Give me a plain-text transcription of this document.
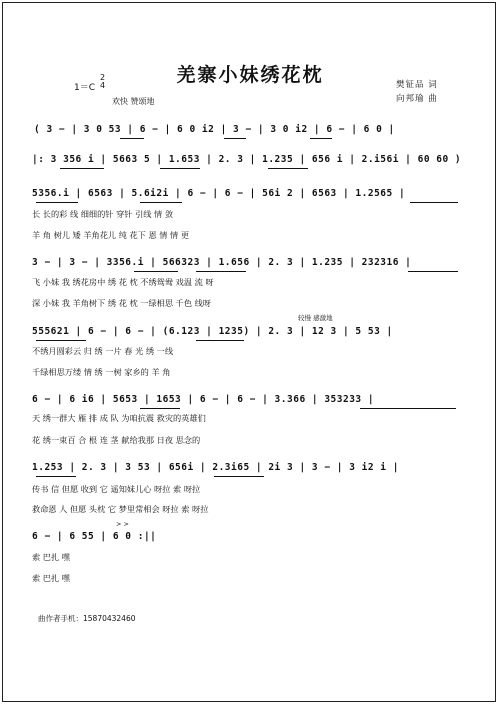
羌寨小妹绣花枕
1＝C
2
4
欢快 赞颂地
樊钲品 词
向邦瑜 曲
( 3 − | 3 0 53 | 6 − | 6 0 i2 | 3 − | 3 0 i2 | 6 − | 6 0 |
|: 3 356 i | 5663 5 | 1.653 | 2. 3 | 1.235 | 656 i | 2.i56i | 60 60 )
5356.i | 6563 | 5.6i2i | 6 − | 6 − | 56i 2 | 6563 | 1.2565 |
长 长的彩 线 细细的针 穿针 引线 情 敛
羊 角 树儿 矮 羊角花儿 纯 花下 恩 情 情 更
3 − | 3 − | 3356.i | 566323 | 1.656 | 2. 3 | 1.235 | 232316 |
飞 小妹 我 绣花房中 绣 花 枕 不绣鸳鸯 戏温 流 呀
深 小妹 我 羊角树下 绣 花 枕 一绿相思 千色 线呀
较慢 感激地
555621 | 6 − | 6 − | (6.123 | 1235) | 2. 3 | 12 3 | 5 53 |
不绣月圆彩云 归 绣 一片 春 光 绣 一线
千绿相思万缕 情 绣 一树 家乡的 羊 角
6 − | 6 i6 | 5653 | 1653 | 6 − | 6 − | 3.366 | 353233 |
天 绣一群大 雁 排 成 队 为咱抗震 救灾的英雄们
花 绣一束百 合 根 连 茎 献给我那 日夜 思念的
1.253 | 2. 3 | 3 53 | 656i | 2.3i65 | 2i 3 | 3 − | 3 i2 i |
传书 信 但愿 收到 它 遥知妹儿心 呀拉 索 呀拉
救命恩 人 但愿 头枕 它 梦里常相会 呀拉 索 呀拉
> >
6 − | 6 55 | 6 0 :||
索 巴扎 嘿
索 巴扎 嘿
曲作者手机：15870432460
